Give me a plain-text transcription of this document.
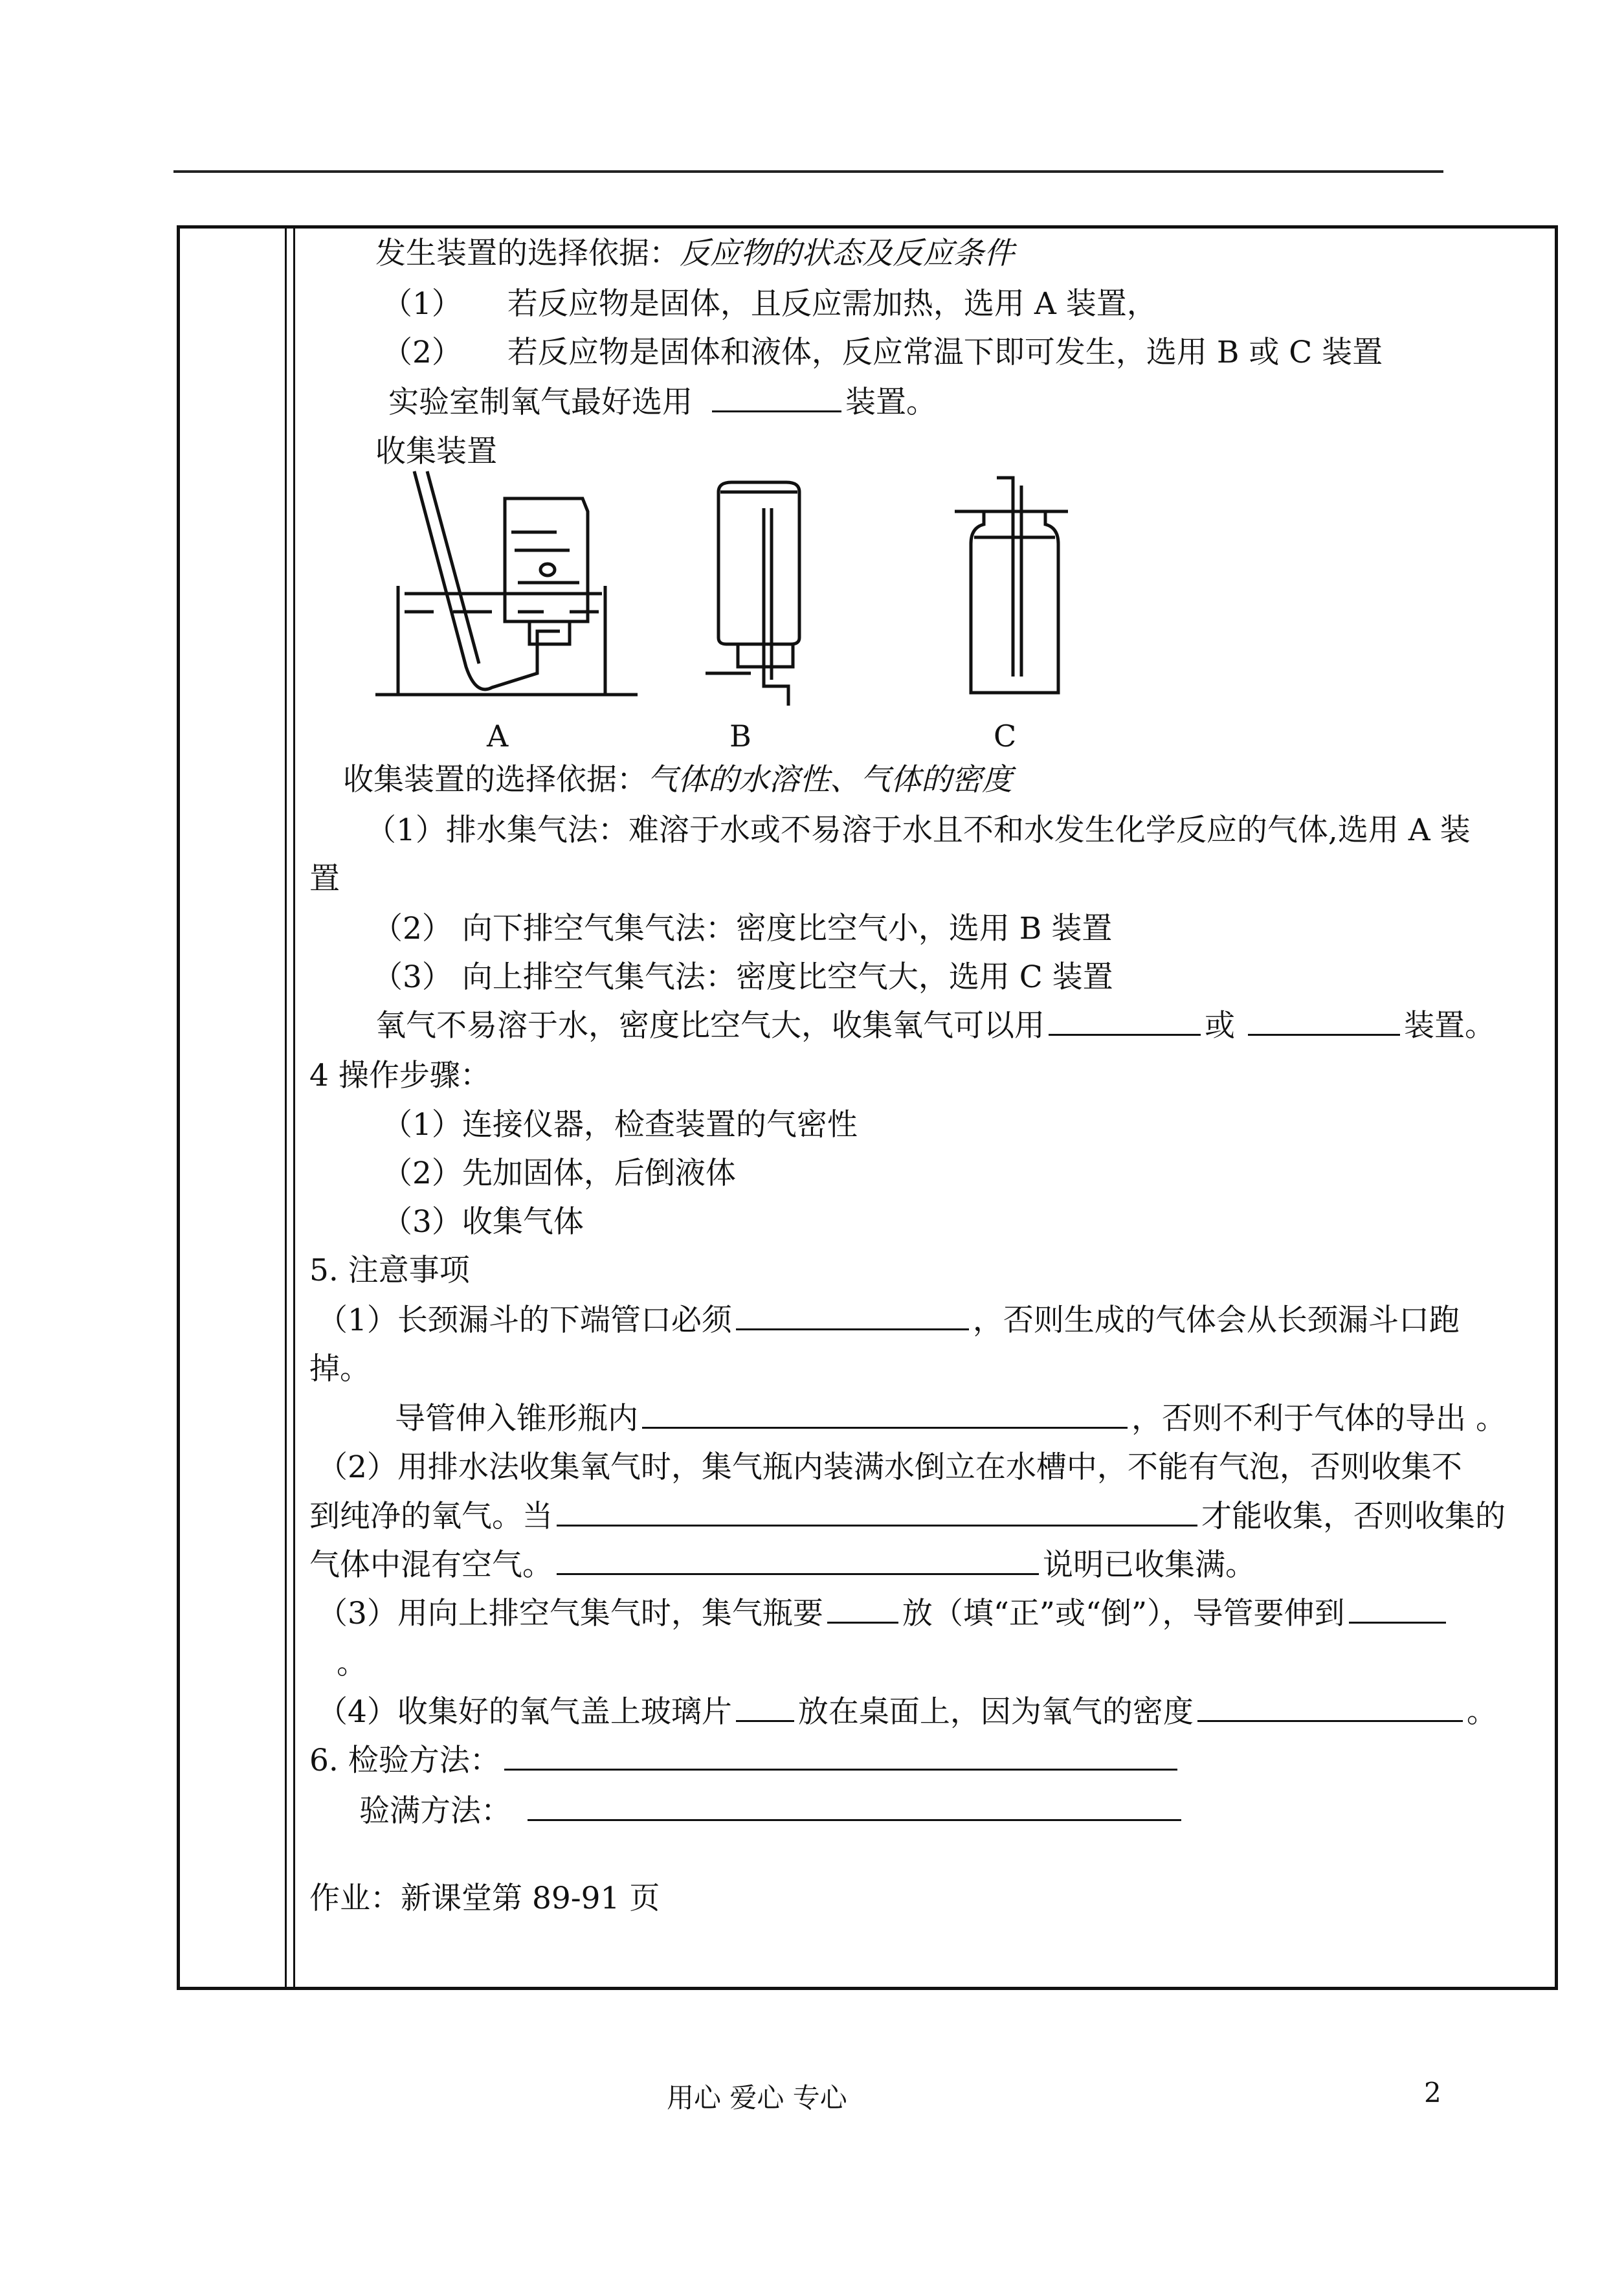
发生装置的选择依据：反应物的状态及反应条件
（1） 若反应物是固体，且反应需加热，选用 A 装置，
（2） 若反应物是固体和液体，反应常温下即可发生，选用 B 或 C 装置
实验室制氧气最好选用	装置。
收集装置
A	B	C
收集装置的选择依据：气体的水溶性、气体的密度
（1）排水集气法：难溶于水或不易溶于水且不和水发生化学反应的气体,选用 A 装
置
（2） 向下排空气集气法：密度比空气小，选用 B 装置
（3） 向上排空气集气法：密度比空气大，选用 C 装置
氧气不易溶于水，密度比空气大，收集氧气可以用	或	装置。
4 操作步骤：
（1）连接仪器，检查装置的气密性
（2）先加固体，后倒液体
（3）收集气体
5. 注意事项
（1）长颈漏斗的下端管口必须	，否则生成的气体会从长颈漏斗口跑
掉。
导管伸入锥形瓶内	，否则不利于气体的导出 。
（2）用排水法收集氧气时，集气瓶内装满水倒立在水槽中，不能有气泡，否则收集不
到纯净的氧气。当	才能收集，否则收集的
气体中混有空气。	说明已收集满。
（3）用向上排空气集气时，集气瓶要	放（填“正”或“倒”），导管要伸到
。
（4）收集好的氧气盖上玻璃片 放在桌面上，因为氧气的密度	。
6. 检验方法：
验满方法：
作业：新课堂第 89-91 页
用心 爱心 专心	2
